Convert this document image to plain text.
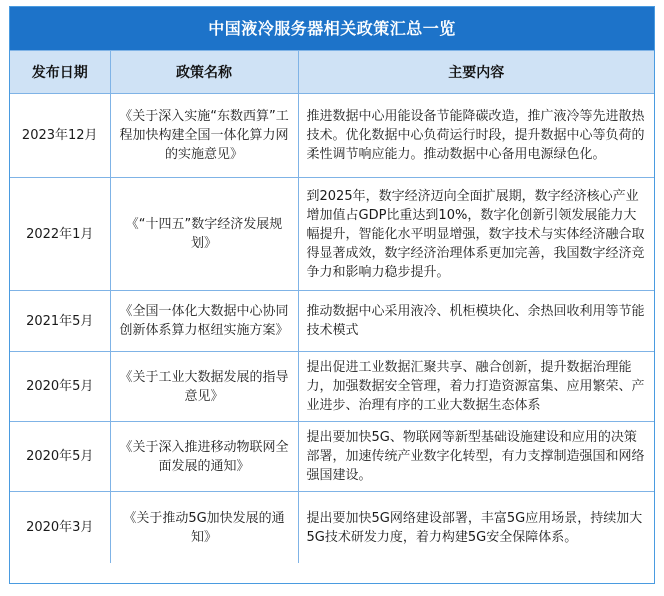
中国液冷服务器相关政策汇总一览
发布日期	政策名称	主要内容
2023年12月	《关于深入实施“东数西算”工程加快构建全国一体化算力网的实施意见》	推进数据中心用能设备节能降碳改造，推广液冷等先进散热技术。优化数据中心负荷运行时段，提升数据中心等负荷的柔性调节响应能力。推动数据中心备用电源绿色化。
2022年1月	《“十四五”数字经济发展规划》	到2025年，数字经济迈向全面扩展期，数字经济核心产业增加值占GDP比重达到10%，数字化创新引领发展能力大幅提升，智能化水平明显增强，数字技术与实体经济融合取得显著成效，数字经济治理体系更加完善，我国数字经济竞争力和影响力稳步提升。
2021年5月	《全国一体化大数据中心协同创新体系算力枢纽实施方案》	推动数据中心采用液冷、机柜模块化、余热回收利用等节能技术模式
2020年5月	《关于工业大数据发展的指导意见》	提出促进工业数据汇聚共享、融合创新，提升数据治理能力，加强数据安全管理，着力打造资源富集、应用繁荣、产业进步、治理有序的工业大数据生态体系
2020年5月	《关于深入推进移动物联网全面发展的通知》	提出要加快5G、物联网等新型基础设施建设和应用的决策部署，加速传统产业数字化转型，有力支撑制造强国和网络强国建设。
2020年3月	《关于推动5G加快发展的通知》	提出要加快5G网络建设部署，丰富5G应用场景，持续加大5G技术研发力度，着力构建5G安全保障体系。
